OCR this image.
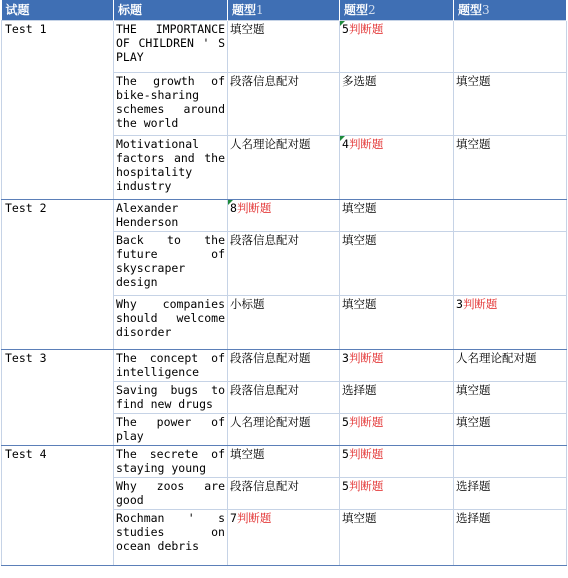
试题	标题	题型1	题型2	题型3
Test 1	THE IMPORTANCE OF CHILDREN ' S PLAY	填空题	5判断题	
	The growth of bike-sharing schemes around the world	段落信息配对	多选题	填空题
	Motivational factors and the hospitality industry	人名理论配对题	4判断题	填空题
Test 2	Alexander Henderson	8判断题	填空题	
	Back to the future of skyscraper design	段落信息配对	填空题	
	Why companies should welcome disorder	小标题	填空题	3判断题
Test 3	The concept of intelligence	段落信息配对题	3判断题	人名理论配对题
	Saving bugs to find new drugs	段落信息配对	选择题	填空题
	The power of play	人名理论配对题	5判断题	填空题
Test 4	The secrete of staying young	填空题	5判断题	
	Why zoos are good	段落信息配对	5判断题	选择题
	Rochman ' s studies on ocean debris	7判断题	填空题	选择题
